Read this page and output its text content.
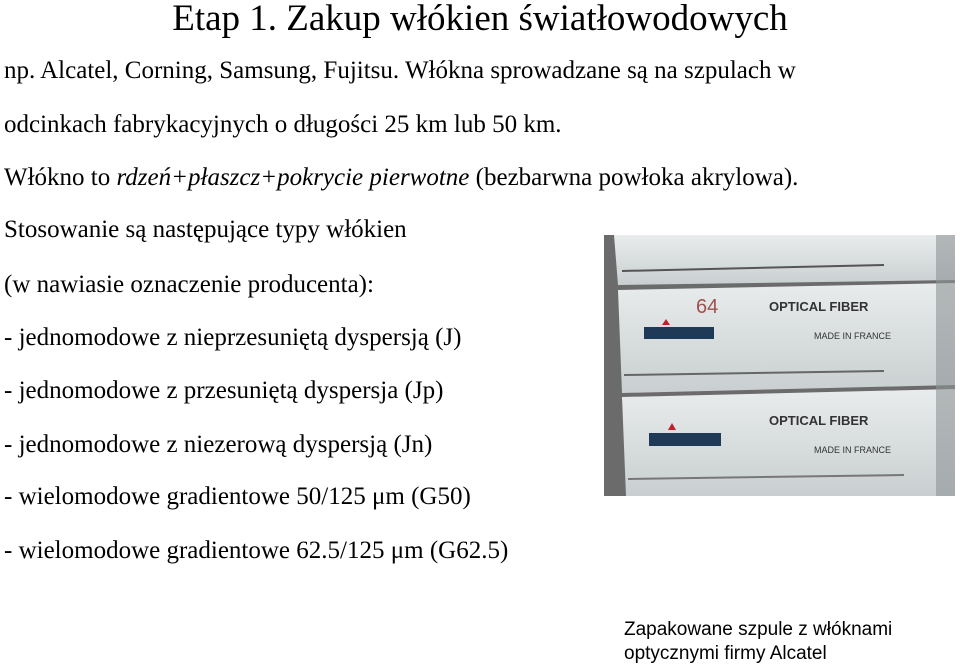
Etap 1. Zakup włókien światłowodowych

np. Alcatel, Corning, Samsung, Fujitsu. Włókna sprowadzane są na szpulach w

odcinkach fabrykacyjnych o długości 25 km lub 50 km.

Włókno to rdzeń+płaszcz+pokrycie pierwotne (bezbarwna powłoka akrylowa).

Stosowanie są następujące typy włókien

(w nawiasie oznaczenie producenta):

- jednomodowe z nieprzesuniętą dyspersją (J)

- jednomodowe z przesuniętą dyspersja (Jp)

- jednomodowe z niezerową dyspersją (Jn)

- wielomodowe gradientowe 50/125 μm (G50)

- wielomodowe gradientowe 62.5/125 μm (G62.5)

OPTICAL FIBER
64
MADE IN FRANCE
OPTICAL FIBER
MADE IN FRANCE
Zapakowane szpule z włóknami
optycznymi firmy Alcatel
